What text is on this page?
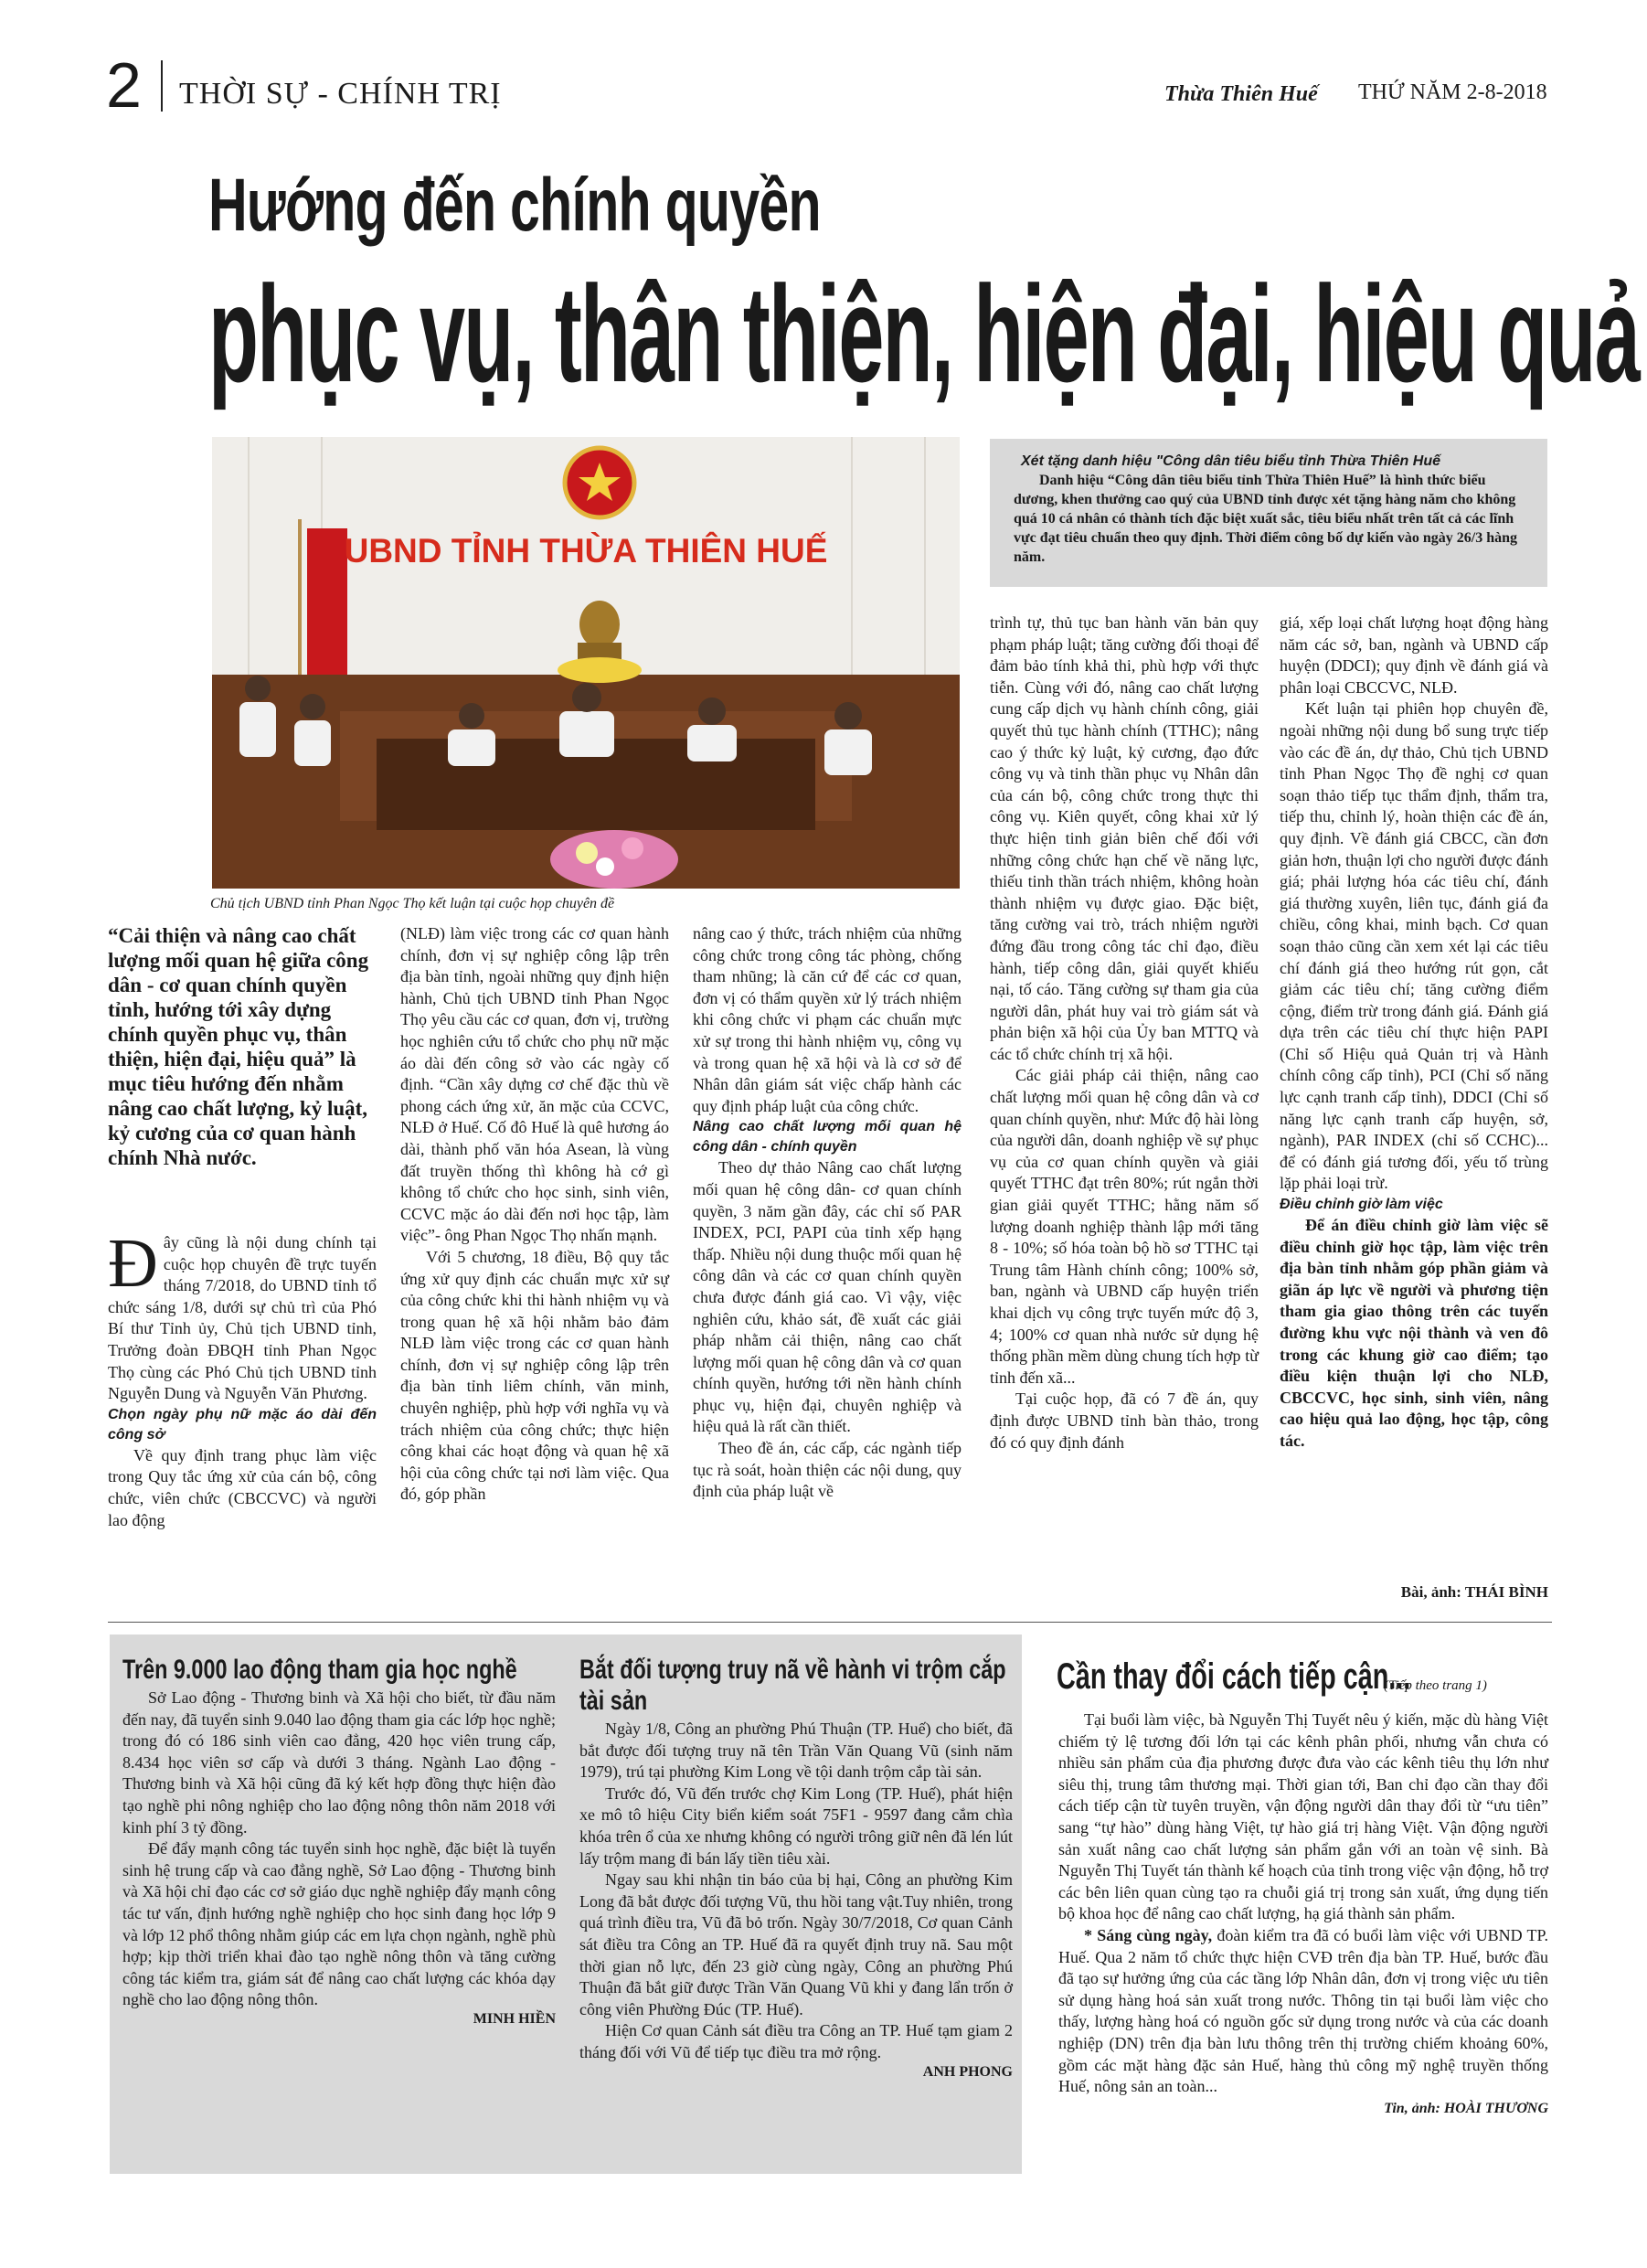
2 THỜI SỰ - CHÍNH TRỊ	Thừa Thiên Huế THỨ NĂM 2-8-2018
Hướng đến chính quyền
phục vụ, thân thiện, hiện đại, hiệu quả
UBND TỈNH THỪA THIÊN HUẾ
Chủ tịch UBND tỉnh Phan Ngọc Thọ kết luận tại cuộc họp chuyên đề
Xét tặng danh hiệu "Công dân tiêu biểu tỉnh Thừa Thiên Huế
Danh hiệu “Công dân tiêu biểu tỉnh Thừa Thiên Huế” là hình thức biểu dương, khen thưởng cao quý của UBND tỉnh được xét tặng hàng năm cho không quá 10 cá nhân có thành tích đặc biệt xuất sắc, tiêu biểu nhất trên tất cả các lĩnh vực đạt tiêu chuẩn theo quy định. Thời điểm công bố dự kiến vào ngày 26/3 hàng năm.
“Cải thiện và nâng cao chất lượng mối quan hệ giữa công dân - cơ quan chính quyền tỉnh, hướng tới xây dựng chính quyền phục vụ, thân thiện, hiện đại, hiệu quả” là mục tiêu hướng đến nhằm nâng cao chất lượng, kỷ luật, kỷ cương của cơ quan hành chính Nhà nước.

Đây cũng là nội dung chính tại cuộc họp chuyên đề trực tuyến tháng 7/2018, do UBND tỉnh tổ chức sáng 1/8, dưới sự chủ trì của Phó Bí thư Tỉnh ủy, Chủ tịch UBND tỉnh, Trưởng đoàn ĐBQH tỉnh Phan Ngọc Thọ cùng các Phó Chủ tịch UBND tỉnh Nguyễn Dung và Nguyễn Văn Phương.

Chọn ngày phụ nữ mặc áo dài đến công sở

Về quy định trang phục làm việc trong Quy tắc ứng xử của cán bộ, công chức, viên chức (CBCCVC) và người lao động

(NLĐ) làm việc trong các cơ quan hành chính, đơn vị sự nghiệp công lập trên địa bàn tỉnh, ngoài những quy định hiện hành, Chủ tịch UBND tỉnh Phan Ngọc Thọ yêu cầu các cơ quan, đơn vị, trường học nghiên cứu tổ chức cho phụ nữ mặc áo dài đến công sở vào các ngày cố định. “Cần xây dựng cơ chế đặc thù về phong cách ứng xử, ăn mặc của CCVC, NLĐ ở Huế. Cố đô Huế là quê hương áo dài, thành phố văn hóa Asean, là vùng đất truyền thống thì không hà cớ gì không tổ chức cho học sinh, sinh viên, CCVC mặc áo dài đến nơi học tập, làm việc”- ông Phan Ngọc Thọ nhấn mạnh.

Với 5 chương, 18 điều, Bộ quy tắc ứng xử quy định các chuẩn mực xử sự của công chức khi thi hành nhiệm vụ và trong quan hệ xã hội nhằm bảo đảm NLĐ làm việc trong các cơ quan hành chính, đơn vị sự nghiệp công lập trên địa bàn tỉnh liêm chính, văn minh, chuyên nghiệp, phù hợp với nghĩa vụ và trách nhiệm của công chức; thực hiện công khai các hoạt động và quan hệ xã hội của công chức tại nơi làm việc. Qua đó, góp phần

nâng cao ý thức, trách nhiệm của những công chức trong công tác phòng, chống tham nhũng; là căn cứ để các cơ quan, đơn vị có thẩm quyền xử lý trách nhiệm khi công chức vi phạm các chuẩn mực xử sự trong thi hành nhiệm vụ, công vụ và trong quan hệ xã hội và là cơ sở để Nhân dân giám sát việc chấp hành các quy định pháp luật của công chức.

Nâng cao chất lượng mối quan hệ công dân - chính quyền

Theo dự thảo Nâng cao chất lượng mối quan hệ công dân- cơ quan chính quyền, 3 năm gần đây, các chỉ số PAR INDEX, PCI, PAPI của tỉnh xếp hạng thấp. Nhiều nội dung thuộc mối quan hệ công dân và các cơ quan chính quyền chưa được đánh giá cao. Vì vậy, việc nghiên cứu, khảo sát, đề xuất các giải pháp nhằm cải thiện, nâng cao chất lượng mối quan hệ công dân và cơ quan chính quyền, hướng tới nền hành chính phục vụ, hiện đại, chuyên nghiệp và hiệu quả là rất cần thiết.

Theo đề án, các cấp, các ngành tiếp tục rà soát, hoàn thiện các nội dung, quy định của pháp luật về

trình tự, thủ tục ban hành văn bản quy phạm pháp luật; tăng cường đối thoại để đảm bảo tính khả thi, phù hợp với thực tiễn. Cùng với đó, nâng cao chất lượng cung cấp dịch vụ hành chính công, giải quyết thủ tục hành chính (TTHC); nâng cao ý thức kỷ luật, kỷ cương, đạo đức công vụ và tinh thần phục vụ Nhân dân của cán bộ, công chức trong thực thi công vụ. Kiên quyết, công khai xử lý thực hiện tinh giản biên chế đối với những công chức hạn chế về năng lực, thiếu tinh thần trách nhiệm, không hoàn thành nhiệm vụ được giao. Đặc biệt, tăng cường vai trò, trách nhiệm người đứng đầu trong công tác chỉ đạo, điều hành, tiếp công dân, giải quyết khiếu nại, tố cáo. Tăng cường sự tham gia của người dân, phát huy vai trò giám sát và phản biện xã hội của Ủy ban MTTQ và các tổ chức chính trị xã hội.

Các giải pháp cải thiện, nâng cao chất lượng mối quan hệ công dân và cơ quan chính quyền, như: Mức độ hài lòng của người dân, doanh nghiệp về sự phục vụ của cơ quan chính quyền và giải quyết TTHC đạt trên 80%; rút ngắn thời gian giải quyết TTHC; hằng năm số lượng doanh nghiệp thành lập mới tăng 8 - 10%; số hóa toàn bộ hồ sơ TTHC tại Trung tâm Hành chính công; 100% sở, ban, ngành và UBND cấp huyện triển khai dịch vụ công trực tuyến mức độ 3, 4; 100% cơ quan nhà nước sử dụng hệ thống phần mềm dùng chung tích hợp từ tỉnh đến xã...

Tại cuộc họp, đã có 7 đề án, quy định được UBND tỉnh bàn thảo, trong đó có quy định đánh

giá, xếp loại chất lượng hoạt động hàng năm các sở, ban, ngành và UBND cấp huyện (DDCI); quy định về đánh giá và phân loại CBCCVC, NLĐ.

Kết luận tại phiên họp chuyên đề, ngoài những nội dung bổ sung trực tiếp vào các đề án, dự thảo, Chủ tịch UBND tỉnh Phan Ngọc Thọ đề nghị cơ quan soạn thảo tiếp tục thẩm định, thẩm tra, tiếp thu, chỉnh lý, hoàn thiện các đề án, quy định. Về đánh giá CBCC, cần đơn giản hơn, thuận lợi cho người được đánh giá; phải lượng hóa các tiêu chí, đánh giá thường xuyên, liên tục, đánh giá đa chiều, công khai, minh bạch. Cơ quan soạn thảo cũng cần xem xét lại các tiêu chí đánh giá theo hướng rút gọn, cắt giảm các tiêu chí; tăng cường điểm cộng, điểm trừ trong đánh giá. Đánh giá dựa trên các tiêu chí thực hiện PAPI (Chỉ số Hiệu quả Quản trị và Hành chính công cấp tỉnh), PCI (Chỉ số năng lực cạnh tranh cấp tỉnh), DDCI (Chỉ số năng lực cạnh tranh cấp huyện, sở, ngành), PAR INDEX (chỉ số CCHC)... để có đánh giá tương đối, yếu tố trùng lặp phải loại trừ.

Điều chỉnh giờ làm việc

Để án điều chỉnh giờ làm việc sẽ điều chỉnh giờ học tập, làm việc trên địa bàn tỉnh nhằm góp phần giảm và giãn áp lực về người và phương tiện tham gia giao thông trên các tuyến đường khu vực nội thành và ven đô trong các khung giờ cao điểm; tạo điều kiện thuận lợi cho NLĐ, CBCCVC, học sinh, sinh viên, nâng cao hiệu quả lao động, học tập, công tác.

Bài, ảnh: THÁI BÌNH
Trên 9.000 lao động tham gia học nghề

Sở Lao động - Thương binh và Xã hội cho biết, từ đầu năm đến nay, đã tuyển sinh 9.040 lao động tham gia các lớp học nghề; trong đó có 186 sinh viên cao đẳng, 420 học viên trung cấp, 8.434 học viên sơ cấp và dưới 3 tháng. Ngành Lao động - Thương binh và Xã hội cũng đã ký kết hợp đồng thực hiện đào tạo nghề phi nông nghiệp cho lao động nông thôn năm 2018 với kinh phí 3 tỷ đồng.

Để đẩy mạnh công tác tuyển sinh học nghề, đặc biệt là tuyển sinh hệ trung cấp và cao đẳng nghề, Sở Lao động - Thương binh và Xã hội chỉ đạo các cơ sở giáo dục nghề nghiệp đẩy mạnh công tác tư vấn, định hướng nghề nghiệp cho học sinh đang học lớp 9 và lớp 12 phổ thông nhằm giúp các em lựa chọn ngành, nghề phù hợp; kịp thời triển khai đào tạo nghề nông thôn và tăng cường công tác kiểm tra, giám sát để nâng cao chất lượng các khóa dạy nghề cho lao động nông thôn.

MINH HIỀN
Bắt đối tượng truy nã về hành vi trộm cắp tài sản

Ngày 1/8, Công an phường Phú Thuận (TP. Huế) cho biết, đã bắt được đối tượng truy nã tên Trần Văn Quang Vũ (sinh năm 1979), trú tại phường Kim Long về tội danh trộm cắp tài sản.

Trước đó, Vũ đến trước chợ Kim Long (TP. Huế), phát hiện xe mô tô hiệu City biển kiểm soát 75F1 - 9597 đang cắm chìa khóa trên ổ của xe nhưng không có người trông giữ nên đã lén lút lấy trộm mang đi bán lấy tiền tiêu xài.

Ngay sau khi nhận tin báo của bị hại, Công an phường Kim Long đã bắt được đối tượng Vũ, thu hồi tang vật.Tuy nhiên, trong quá trình điều tra, Vũ đã bỏ trốn. Ngày 30/7/2018, Cơ quan Cảnh sát điều tra Công an TP. Huế đã ra quyết định truy nã. Sau một thời gian nỗ lực, đến 23 giờ cùng ngày, Công an phường Phú Thuận đã bắt giữ được Trần Văn Quang Vũ khi y đang lẩn trốn ở công viên Phường Đúc (TP. Huế).

Hiện Cơ quan Cảnh sát điều tra Công an TP. Huế tạm giam 2 tháng đối với Vũ để tiếp tục điều tra mở rộng.

ANH PHONG
Cần thay đổi cách tiếp cận...
(Tiếp theo trang 1)

Tại buổi làm việc, bà Nguyễn Thị Tuyết nêu ý kiến, mặc dù hàng Việt chiếm tỷ lệ tương đối lớn tại các kênh phân phối, nhưng vẫn chưa có nhiều sản phẩm của địa phương được đưa vào các kênh tiêu thụ lớn như siêu thị, trung tâm thương mại. Thời gian tới, Ban chỉ đạo cần thay đổi cách tiếp cận từ tuyên truyền, vận động người dân thay đổi từ “ưu tiên” sang “tự hào” dùng hàng Việt, tự hào giá trị hàng Việt. Vận động người sản xuất nâng cao chất lượng sản phẩm gắn với an toàn vệ sinh. Bà Nguyễn Thị Tuyết tán thành kế hoạch của tỉnh trong việc vận động, hỗ trợ các bên liên quan cùng tạo ra chuỗi giá trị trong sản xuất, ứng dụng tiến bộ khoa học để nâng cao chất lượng, hạ giá thành sản phẩm.

* Sáng cùng ngày, đoàn kiểm tra đã có buổi làm việc với UBND TP. Huế. Qua 2 năm tổ chức thực hiện CVĐ trên địa bàn TP. Huế, bước đầu đã tạo sự hưởng ứng của các tầng lớp Nhân dân, đơn vị trong việc ưu tiên sử dụng hàng hoá sản xuất trong nước. Thông tin tại buổi làm việc cho thấy, lượng hàng hoá có nguồn gốc sử dụng trong nước và của các doanh nghiệp (DN) trên địa bàn lưu thông trên thị trường chiếm khoảng 60%, gồm các mặt hàng đặc sản Huế, hàng thủ công mỹ nghệ truyền thống Huế, nông sản an toàn...

Tin, ảnh: HOÀI THƯƠNG
